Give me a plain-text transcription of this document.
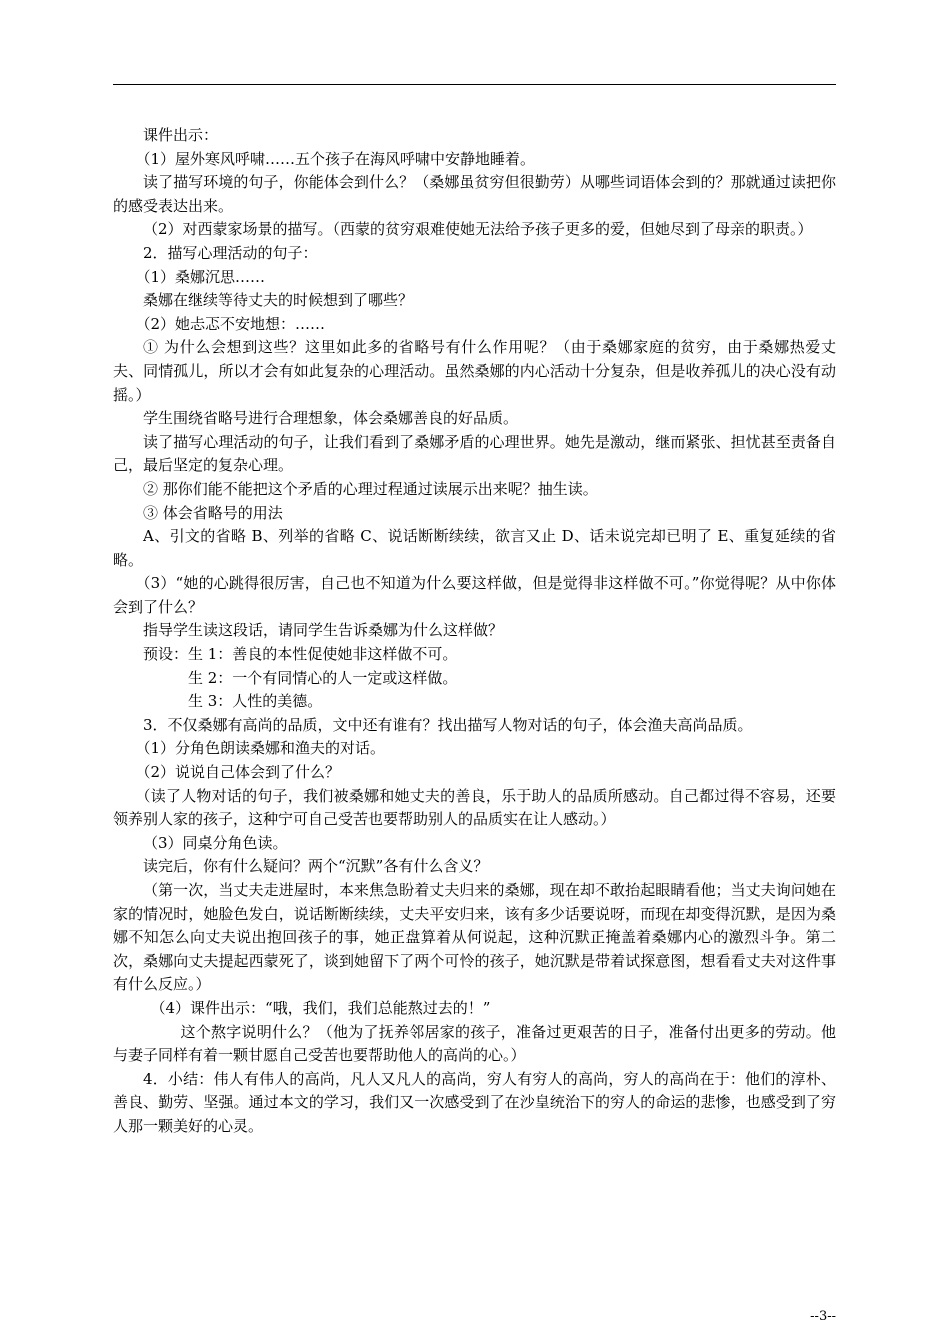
课件出示：

（1）屋外寒风呼啸……五个孩子在海风呼啸中安静地睡着。

读了描写环境的句子，你能体会到什么？（桑娜虽贫穷但很勤劳）从哪些词语体会到的？那就通过读把你的感受表达出来。

（2）对西蒙家场景的描写。（西蒙的贫穷艰难使她无法给予孩子更多的爱，但她尽到了母亲的职责。）

2．描写心理活动的句子：

（1）桑娜沉思……

桑娜在继续等待丈夫的时候想到了哪些？

（2）她忐忑不安地想：……

① 为什么会想到这些？这里如此多的省略号有什么作用呢？（由于桑娜家庭的贫穷，由于桑娜热爱丈夫、同情孤儿，所以才会有如此复杂的心理活动。虽然桑娜的内心活动十分复杂，但是收养孤儿的决心没有动摇。）

学生围绕省略号进行合理想象，体会桑娜善良的好品质。

读了描写心理活动的句子，让我们看到了桑娜矛盾的心理世界。她先是激动，继而紧张、担忧甚至责备自己，最后坚定的复杂心理。

② 那你们能不能把这个矛盾的心理过程通过读展示出来呢？抽生读。

③ 体会省略号的用法

A、引文的省略 B、列举的省略 C、说话断断续续，欲言又止 D、话未说完却已明了 E、重复延续的省略。

（3）“她的心跳得很厉害，自己也不知道为什么要这样做，但是觉得非这样做不可。”你觉得呢？从中你体会到了什么？

指导学生读这段话，请同学生告诉桑娜为什么这样做？

预设：生 1：善良的本性促使她非这样做不可。

生 2：一个有同情心的人一定或这样做。

生 3：人性的美德。

3．不仅桑娜有高尚的品质，文中还有谁有？找出描写人物对话的句子，体会渔夫高尚品质。

（1）分角色朗读桑娜和渔夫的对话。

（2）说说自己体会到了什么？

（读了人物对话的句子，我们被桑娜和她丈夫的善良，乐于助人的品质所感动。自己都过得不容易，还要领养别人家的孩子，这种宁可自己受苦也要帮助别人的品质实在让人感动。）

（3）同桌分角色读。

读完后，你有什么疑问？两个“沉默”各有什么含义？

（第一次，当丈夫走进屋时，本来焦急盼着丈夫归来的桑娜，现在却不敢抬起眼睛看他；当丈夫询问她在家的情况时，她脸色发白，说话断断续续，丈夫平安归来，该有多少话要说呀，而现在却变得沉默，是因为桑娜不知怎么向丈夫说出抱回孩子的事，她正盘算着从何说起，这种沉默正掩盖着桑娜内心的激烈斗争。第二次，桑娜向丈夫提起西蒙死了，谈到她留下了两个可怜的孩子，她沉默是带着试探意图，想看看丈夫对这件事有什么反应。）

（4）课件出示：“哦，我们，我们总能熬过去的！”

这个熬字说明什么？（他为了抚养邻居家的孩子，准备过更艰苦的日子，准备付出更多的劳动。他与妻子同样有着一颗甘愿自己受苦也要帮助他人的高尚的心。）

4．小结：伟人有伟人的高尚，凡人又凡人的高尚，穷人有穷人的高尚，穷人的高尚在于：他们的淳朴、善良、勤劳、坚强。通过本文的学习，我们又一次感受到了在沙皇统治下的穷人的命运的悲惨，也感受到了穷人那一颗美好的心灵。

--3--
